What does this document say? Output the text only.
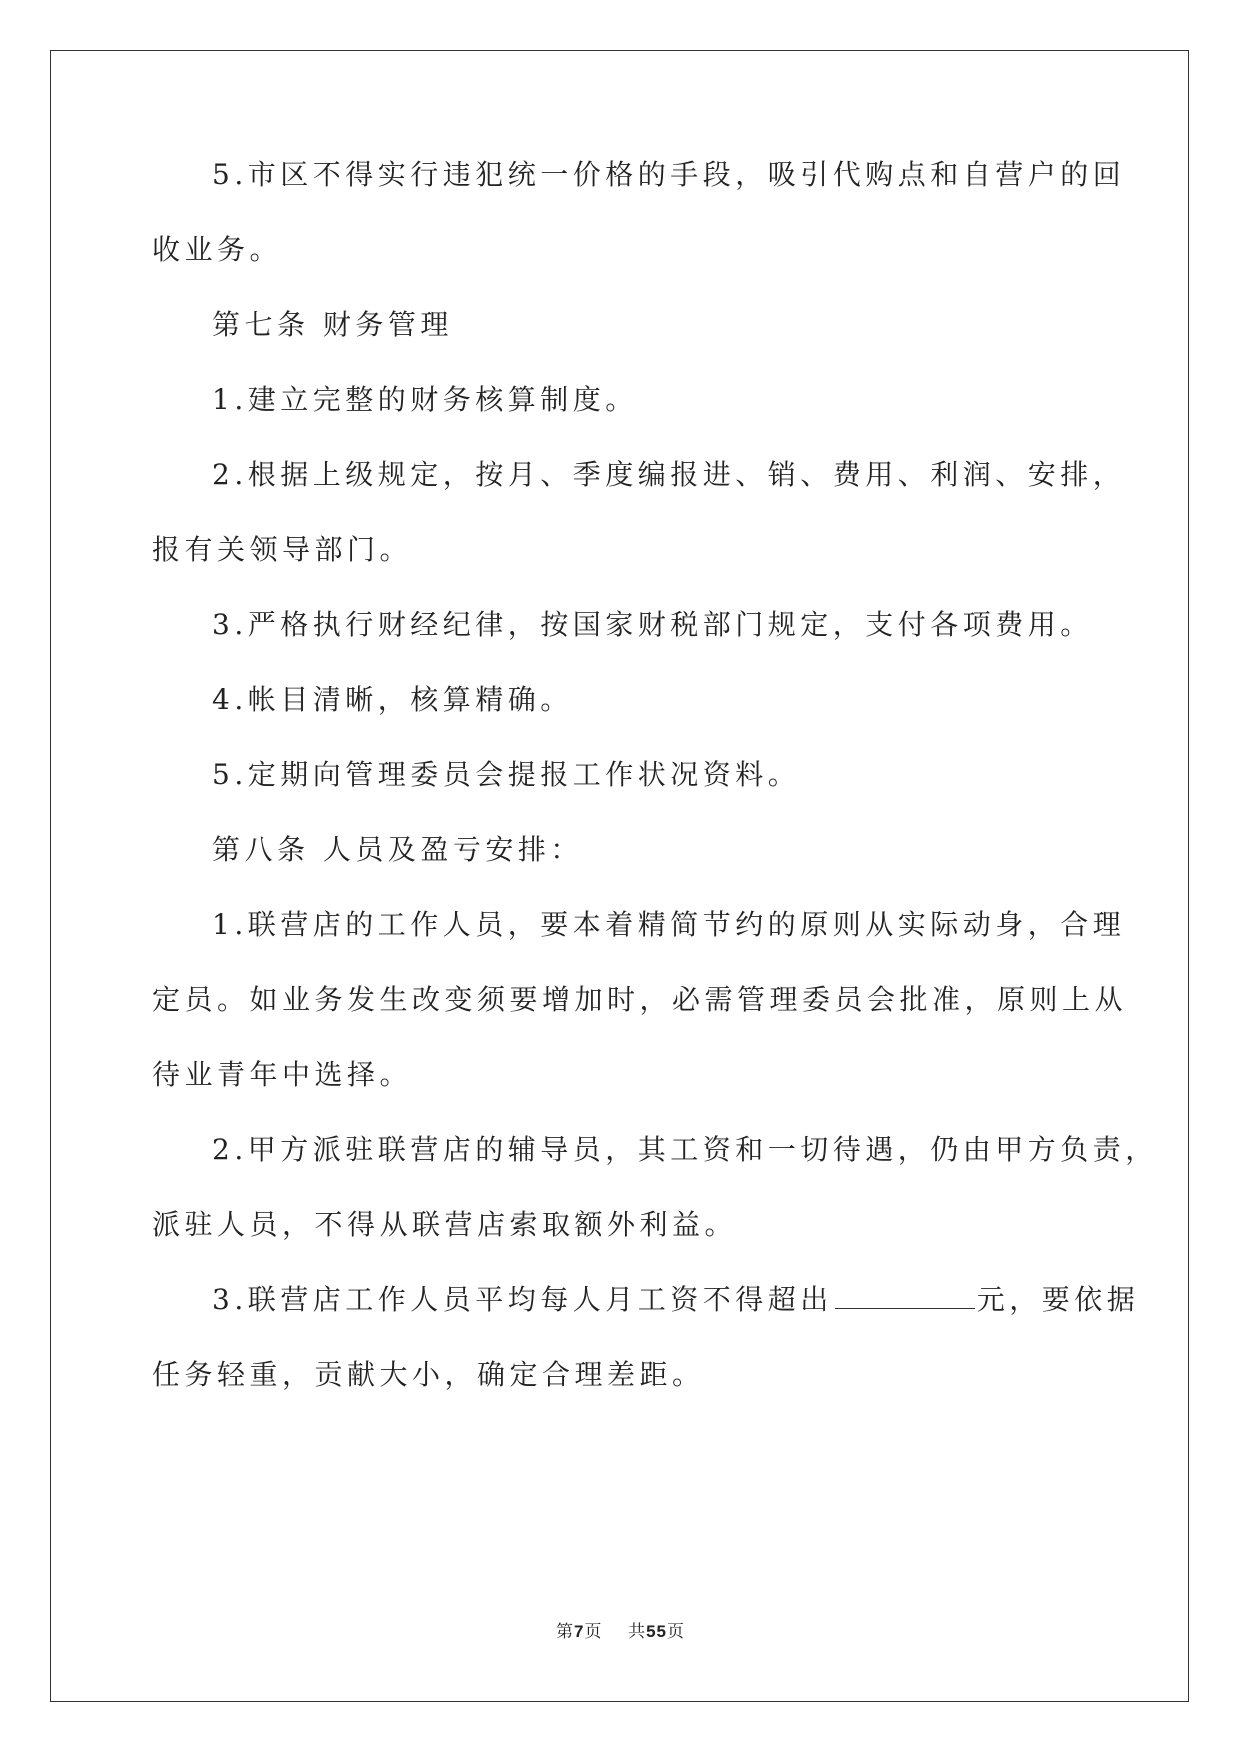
5.市区不得实行违犯统一价格的手段，吸引代购点和自营户的回
收业务。
第七条 财务管理
1.建立完整的财务核算制度。
2.根据上级规定，按月、季度编报进、销、费用、利润、安排，
报有关领导部门。
3.严格执行财经纪律，按国家财税部门规定，支付各项费用。
4.帐目清晰，核算精确。
5.定期向管理委员会提报工作状况资料。
第八条 人员及盈亏安排：
1.联营店的工作人员，要本着精简节约的原则从实际动身，合理
定员。如业务发生改变须要增加时，必需管理委员会批准，原则上从
待业青年中选择。
2.甲方派驻联营店的辅导员，其工资和一切待遇，仍由甲方负责，
派驻人员，不得从联营店索取额外利益。
3.联营店工作人员平均每人月工资不得超出	元，要依据
任务轻重，贡献大小，确定合理差距。
第7页    共55页
